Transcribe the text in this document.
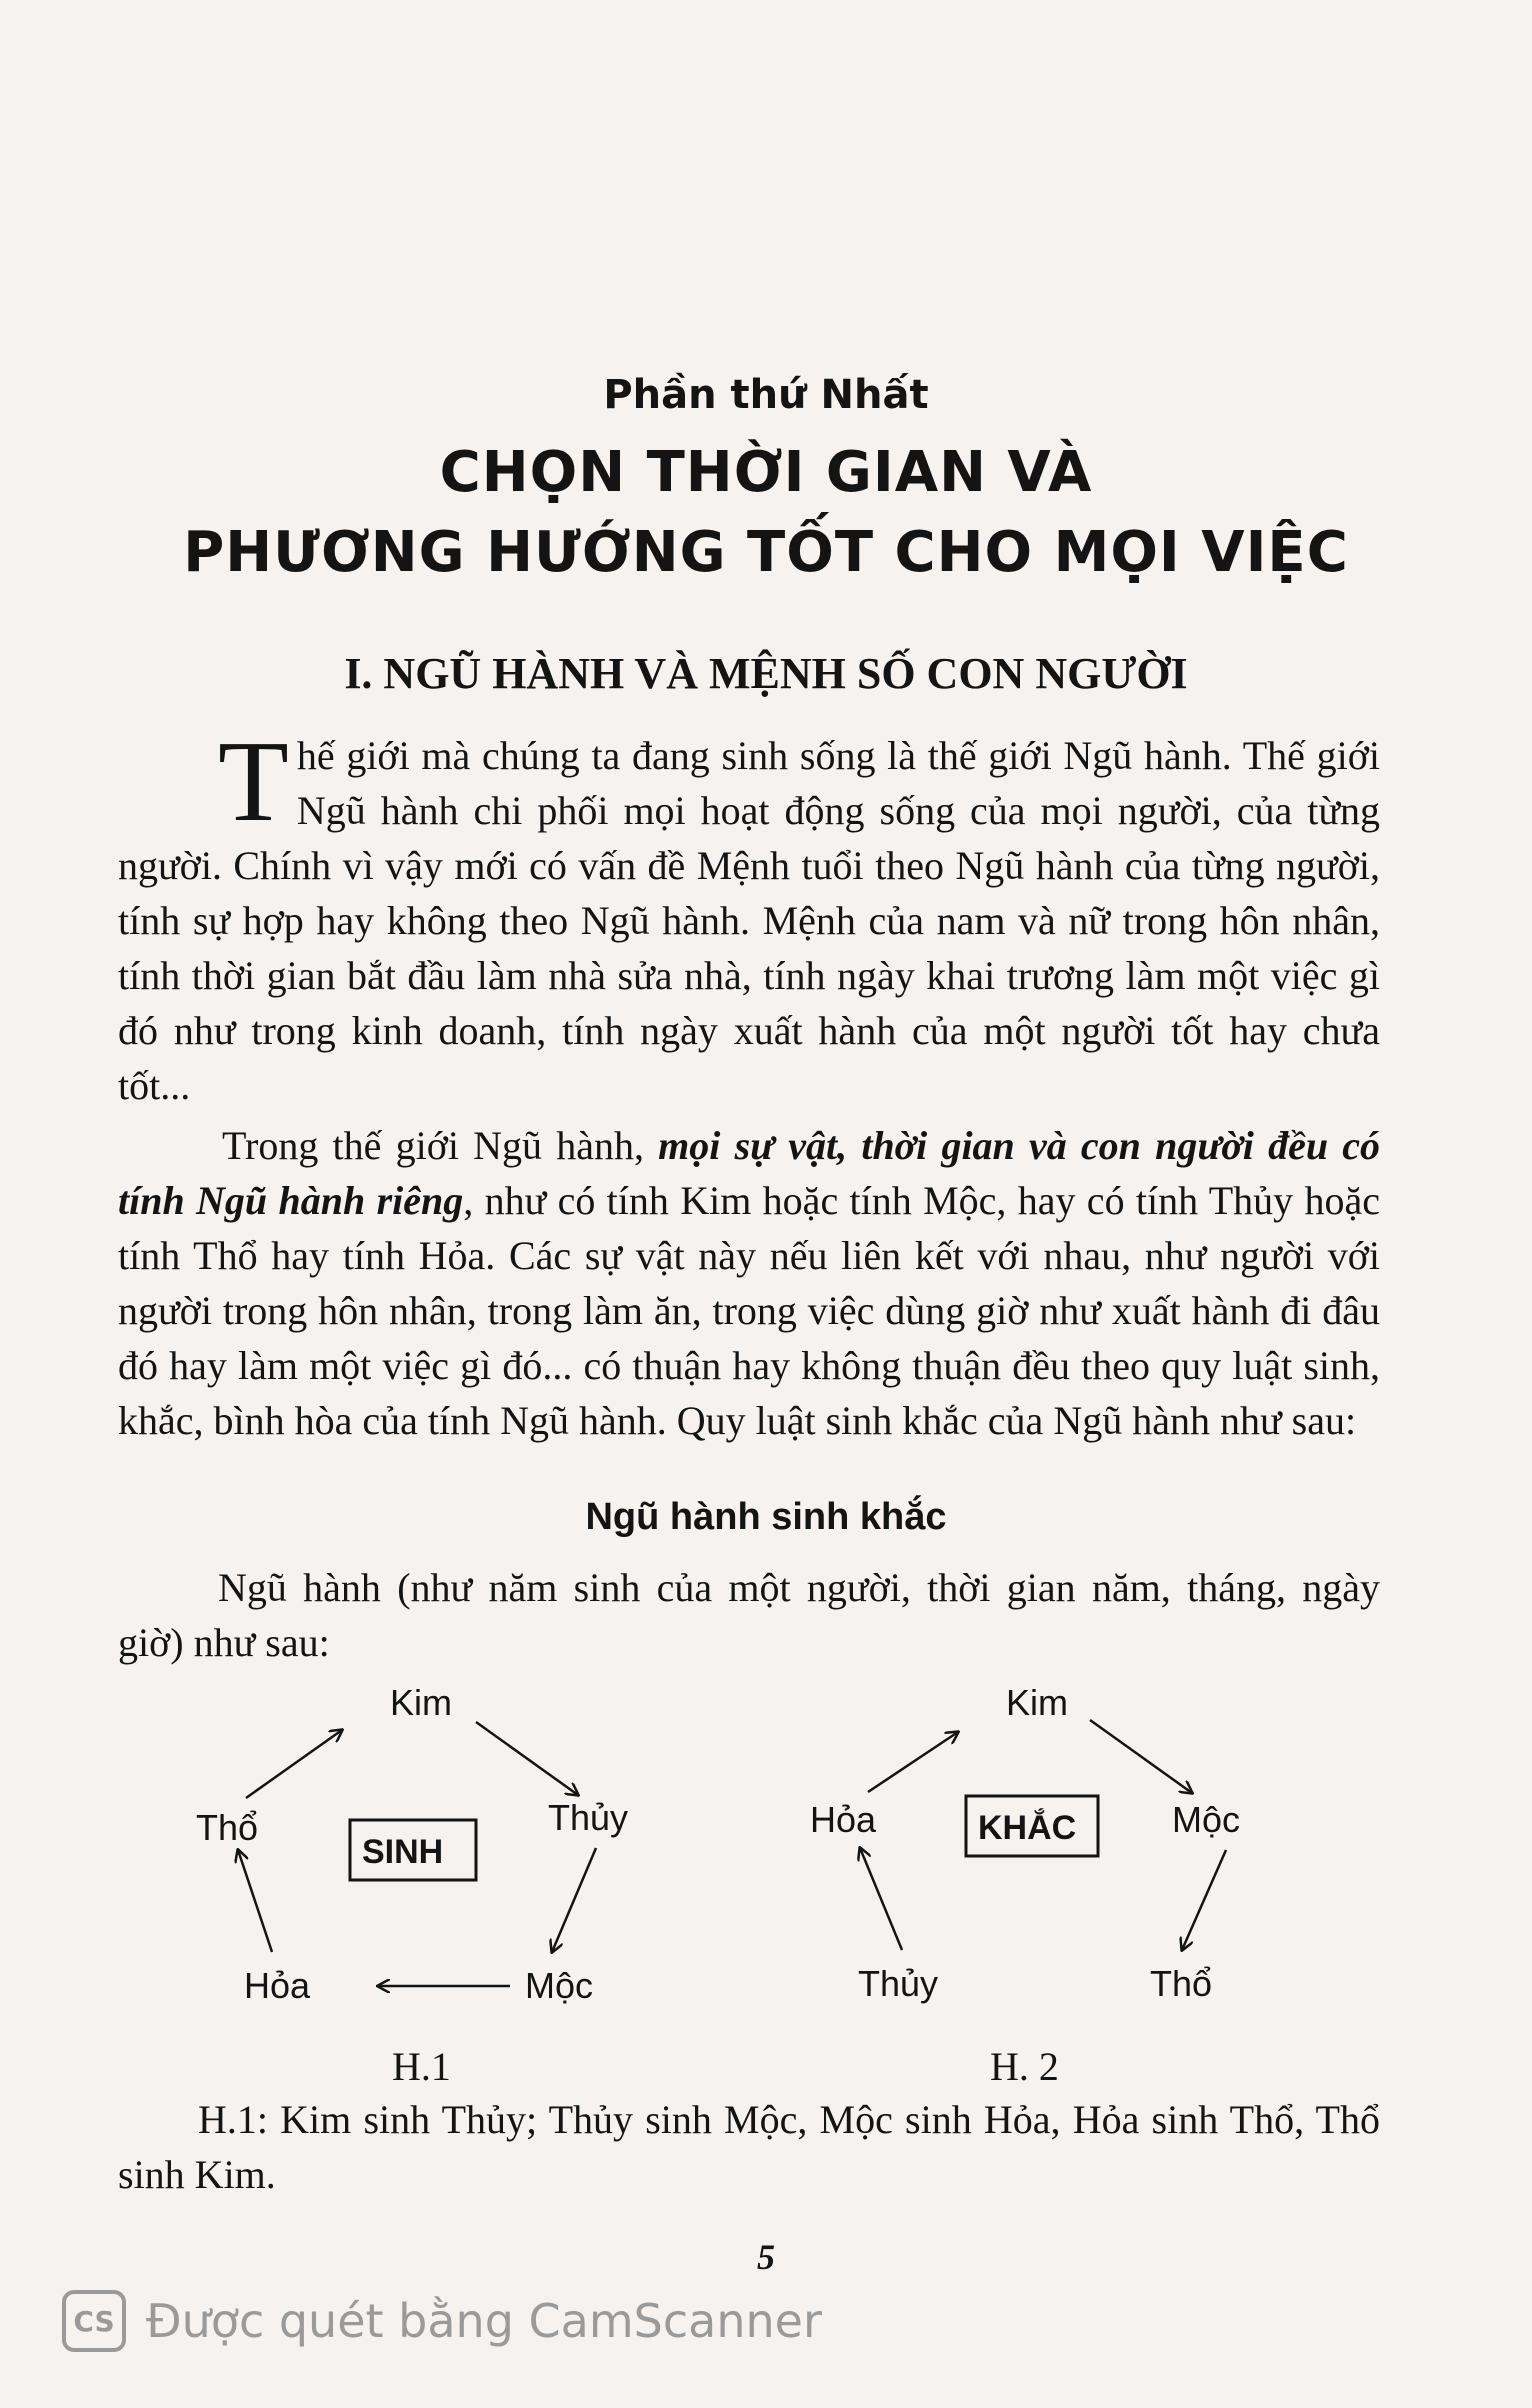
Phần thứ Nhất
CHỌN THỜI GIAN VÀ
PHƯƠNG HƯỚNG TỐT CHO MỌI VIỆC
I. NGŨ HÀNH VÀ MỆNH SỐ CON NGƯỜI
Thế giới mà chúng ta đang sinh sống là thế giới Ngũ hành. Thế giới Ngũ hành chi phối mọi hoạt động sống của mọi người, của từng người. Chính vì vậy mới có vấn đề Mệnh tuổi theo Ngũ hành của từng người, tính sự hợp hay không theo Ngũ hành. Mệnh của nam và nữ trong hôn nhân, tính thời gian bắt đầu làm nhà sửa nhà, tính ngày khai trương làm một việc gì đó như trong kinh doanh, tính ngày xuất hành của một người tốt hay chưa tốt...
Trong thế giới Ngũ hành, mọi sự vật, thời gian và con người đều có tính Ngũ hành riêng, như có tính Kim hoặc tính Mộc, hay có tính Thủy hoặc tính Thổ hay tính Hỏa. Các sự vật này nếu liên kết với nhau, như người với người trong hôn nhân, trong làm ăn, trong việc dùng giờ như xuất hành đi đâu đó hay làm một việc gì đó... có thuận hay không thuận đều theo quy luật sinh, khắc, bình hòa của tính Ngũ hành. Quy luật sinh khắc của Ngũ hành như sau:
Ngũ hành sinh khắc
Ngũ hành (như năm sinh của một người, thời gian năm, tháng, ngày giờ) như sau:
Kim
Thủy
Mộc
Hỏa
Thổ
SINH
H.1
Kim
Mộc
Thổ
Thủy
Hỏa	KHẮC
H. 2
H.1: Kim sinh Thủy; Thủy sinh Mộc, Mộc sinh Hỏa, Hỏa sinh Thổ, Thổ sinh Kim.
5
CS Được quét bằng CamScanner
